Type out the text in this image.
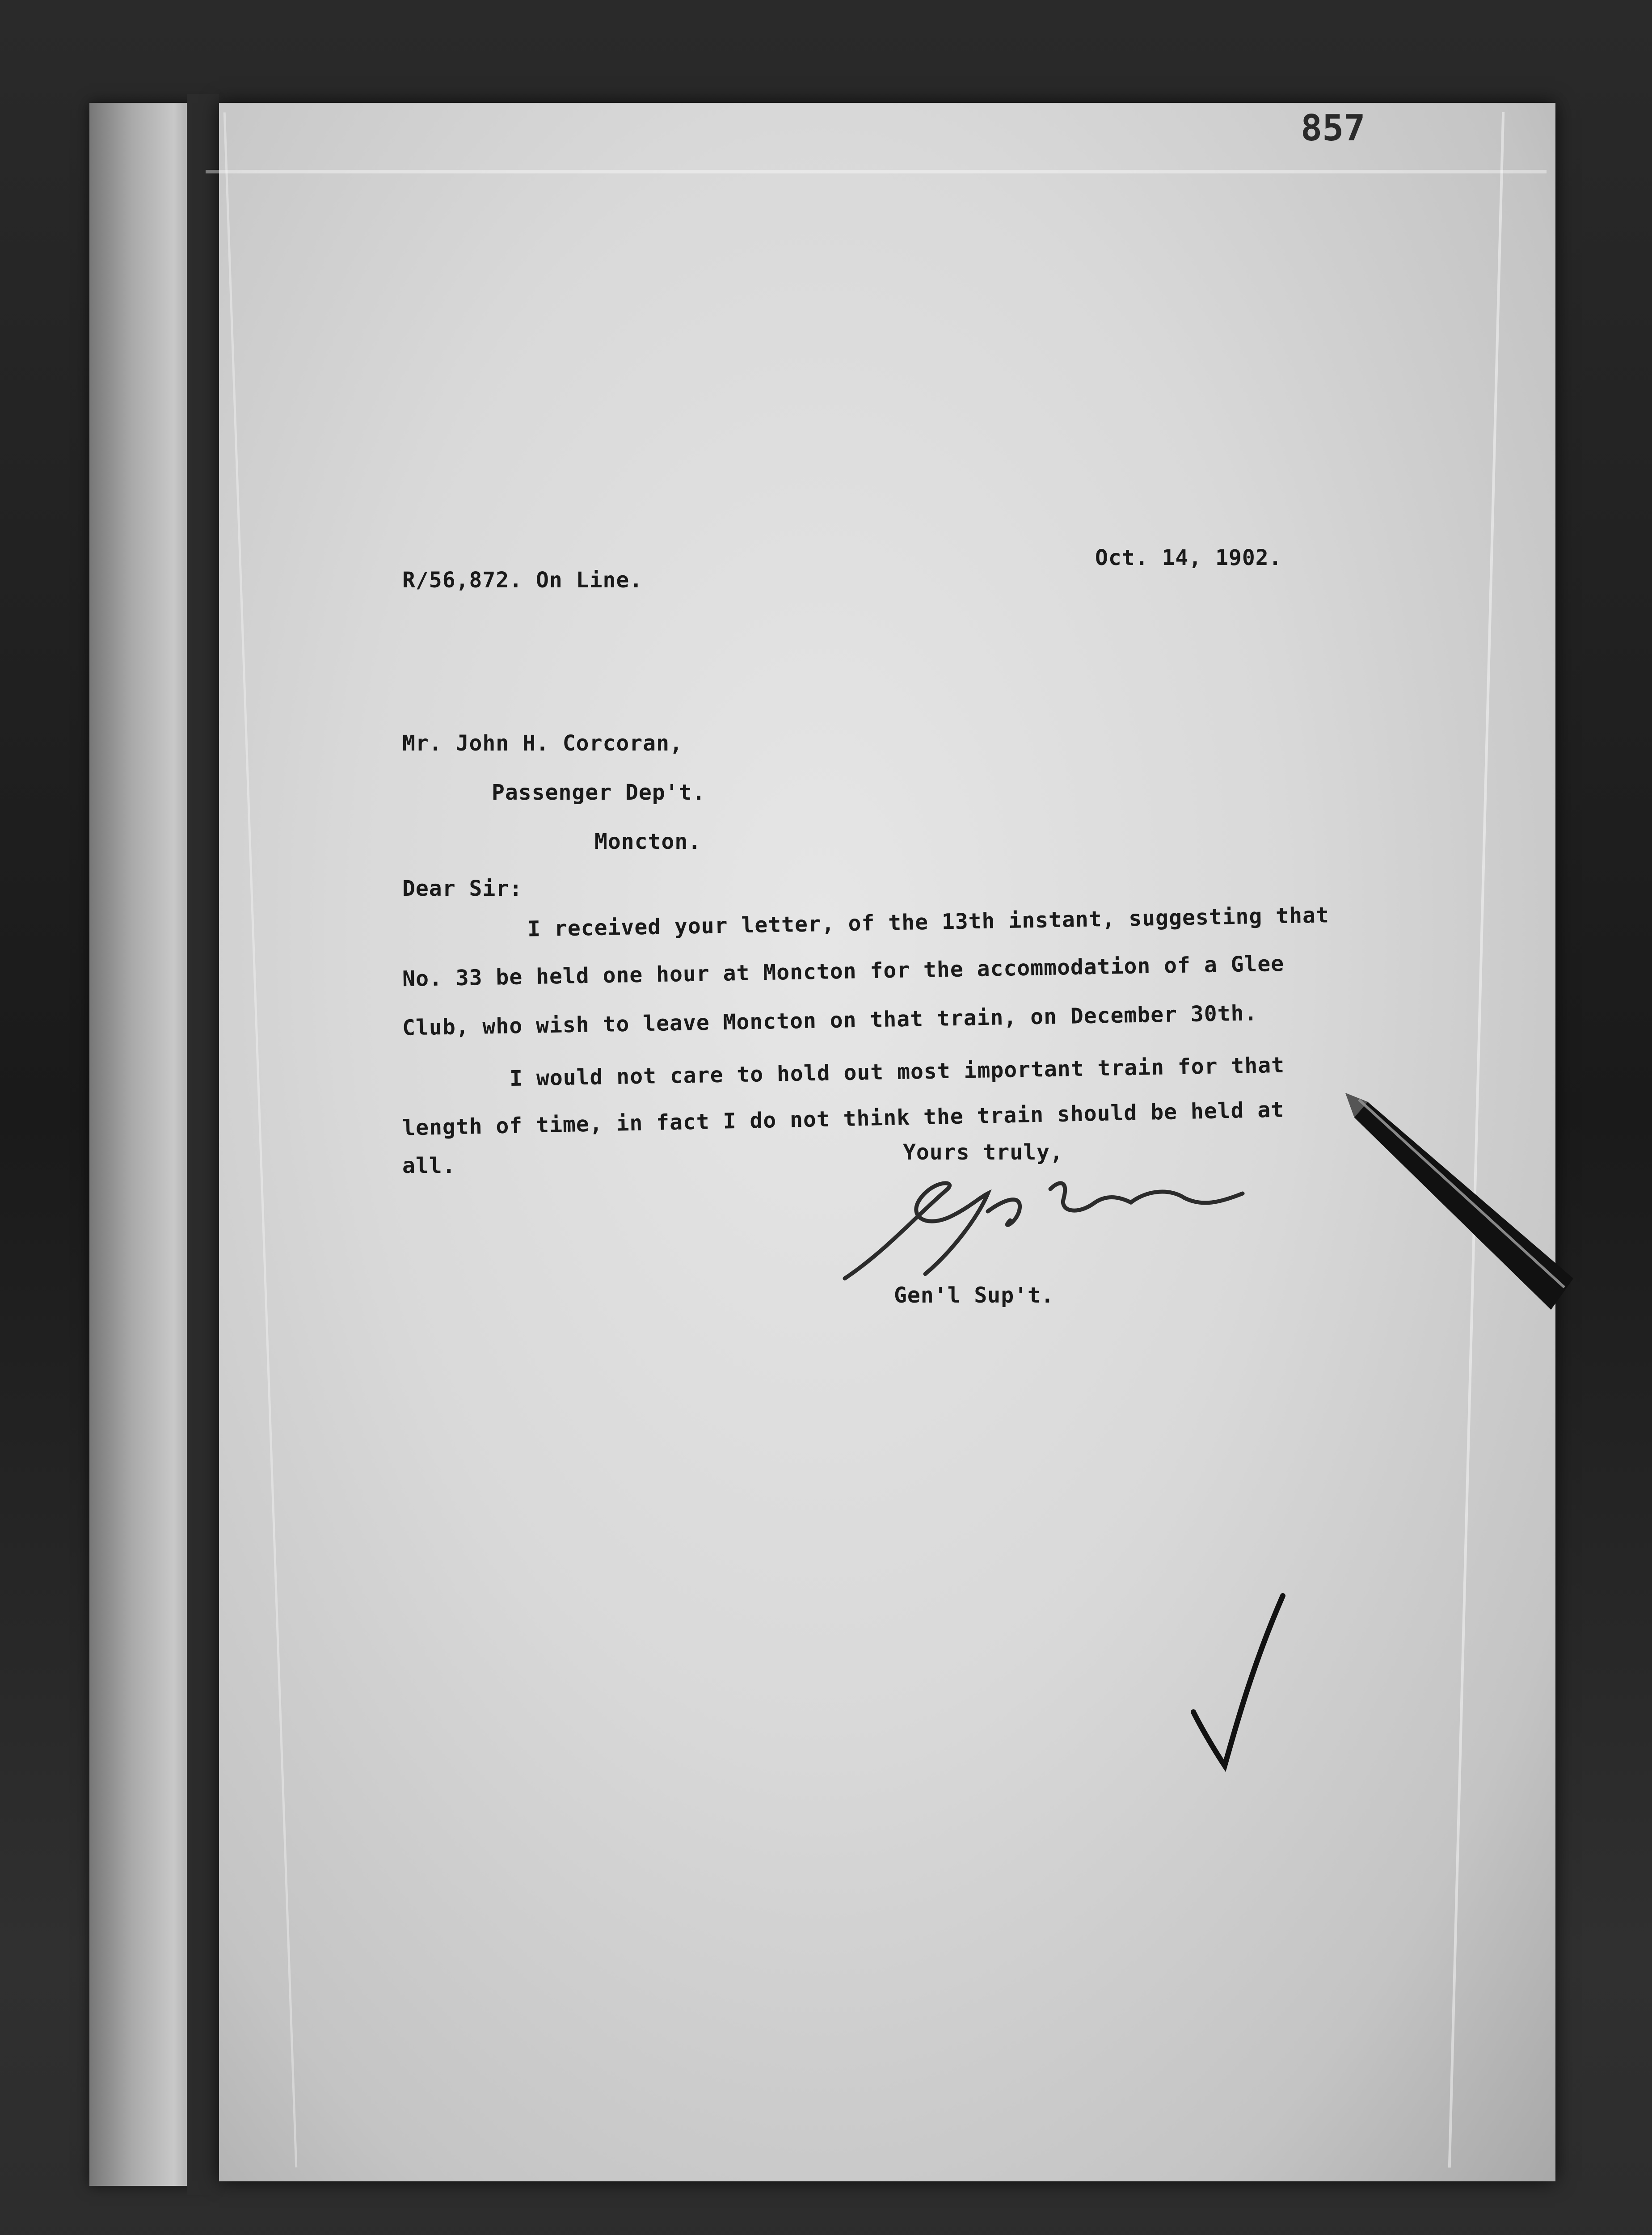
857
R/56,872. On Line.
Oct. 14, 1902.
Mr. John H. Corcoran,
Passenger Dep't.
Moncton.
Dear Sir:
I received your letter, of the 13th instant, suggesting that
No. 33 be held one hour at Moncton for the accommodation of a Glee
Club, who wish to leave Moncton on that train, on December 30th.
I would not care to hold out most important train for that
length of time, in fact I do not think the train should be held at
all.
Yours truly,
Gen'l Sup't.
